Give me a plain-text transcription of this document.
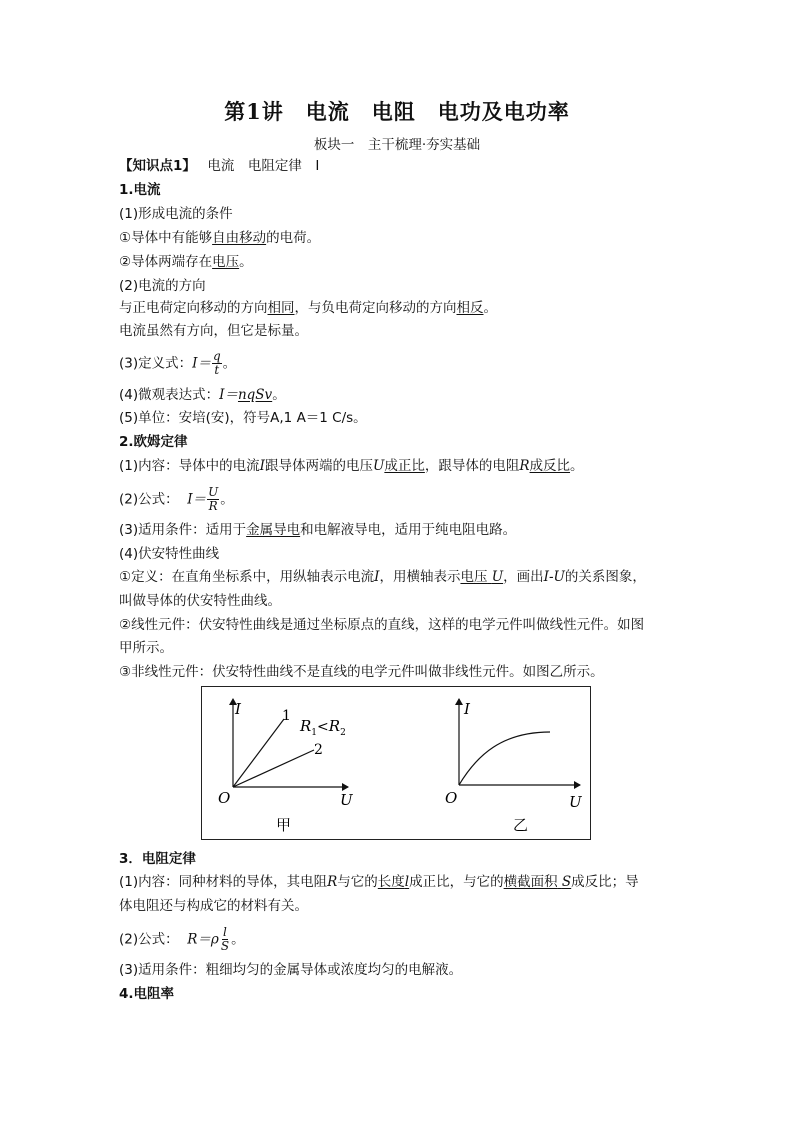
第1讲　电流　电阻　电功及电功率
板块一　主干梳理·夯实基础
【知识点1】　 电流　电阻定律　Ⅰ
1.电流
(1)形成电流的条件
①导体中有能够自由移动的电荷。
②导体两端存在电压。
(2)电流的方向
与正电荷定向移动的方向相同，与负电荷定向移动的方向相反。
电流虽然有方向，但它是标量。
(3)定义式：$I= \frac{q}{t}$ 。
(4)微观表达式：I＝nqSv。
(5)单位：安培(安)，符号A,1 A＝1 C/s。
2.欧姆定律
(1)内容：导体中的电流I跟导体两端的电压U成正比，跟导体的电阻R成反比。
(2)公式： $I= \frac{U}{R}$ 。
(3)适用条件：适用于金属导电和电解液导电，适用于纯电阻电路。
(4)伏安特性曲线
①定义：在直角坐标系中，用纵轴表示电流I，用横轴表示电压 U，画出I-U的关系图象，
叫做导体的伏安特性曲线。
②线性元件：伏安特性曲线是通过坐标原点的直线，这样的电学元件叫做线性元件。如图
甲所示。
③非线性元件：伏安特性曲线不是直线的电学元件叫做非线性元件。如图乙所示。
I
U
O
1
2
$R_1<R_2$
甲
I
U
O
乙
3．电阻定律
(1)内容：同种材料的导体，其电阻R与它的长度l成正比，与它的横截面积 S成反比；导
体电阻还与构成它的材料有关。
(2)公式： $R=\rho \frac{l}{S}$ 。
(3)适用条件：粗细均匀的金属导体或浓度均匀的电解液。
4.电阻率
